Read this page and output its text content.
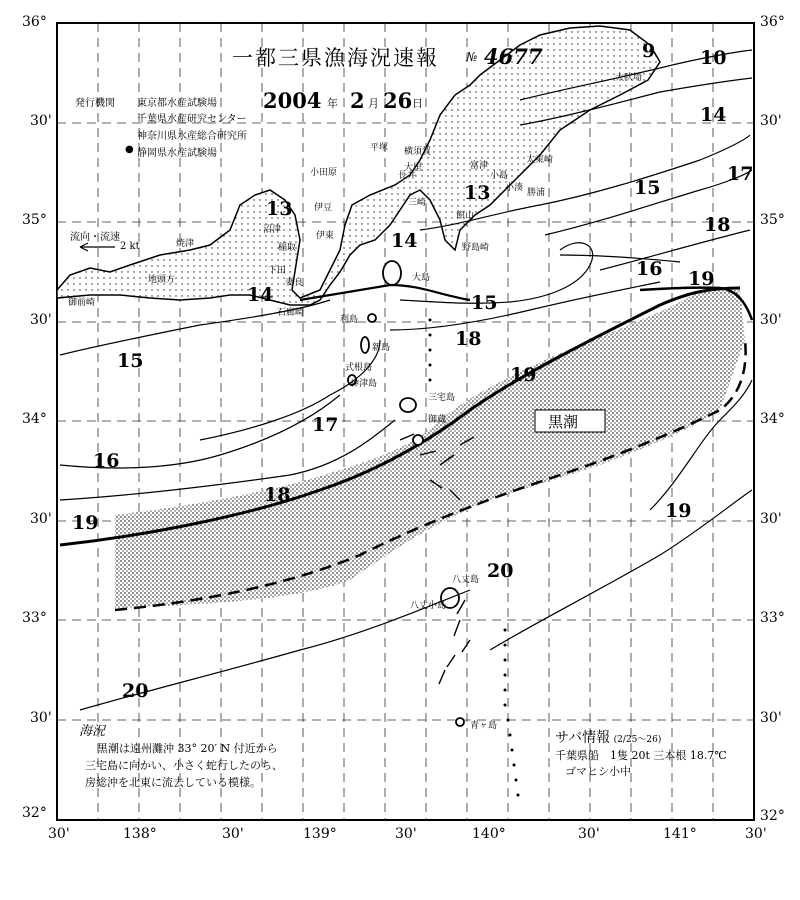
36°
30'
35°
30'
34°
30'
33°
30'
32°
36°
30'
35°
30'
34°
30'
33°
30'
32°
30'	138°	30'	139°	30'	140°	30'	141°	30'
一都三県漁海況速報 № 4677
発行機関 東京都水産試験場
千葉県水産研究センター
神奈川県水産総合研究所
● 静岡県水産試験場
2004 年 2 月 26 日
流向・流速
2 kt
御前崎
地頭方
焼津
沼津
伊東
稲取
下田
妻良
石廊崎
平塚
小田原
横須賀
長井
三崎
館山
野島崎
富津
小湊 勝浦
太東崎
大吠埼
利島
新島
式根島
神津島
三宅島
御蔵
八丈島
八丈小島
青ヶ島
大島
小島
大里
伊豆
黒潮
9 10
13
13
14
14
14
15
15
15
16
16
17
17
18
18
18
19
19
19
19
20
20
海況
黒潮は遠州灘沖 33° 20′ N 付近から
三宅島に向かい、小さく蛇行したのち、
房総沖を北東に流去している模様。
サバ情報 (2/25〜26)
千葉県船　1隻 20t 三本根 18.7℃
ゴマヒシ小中
